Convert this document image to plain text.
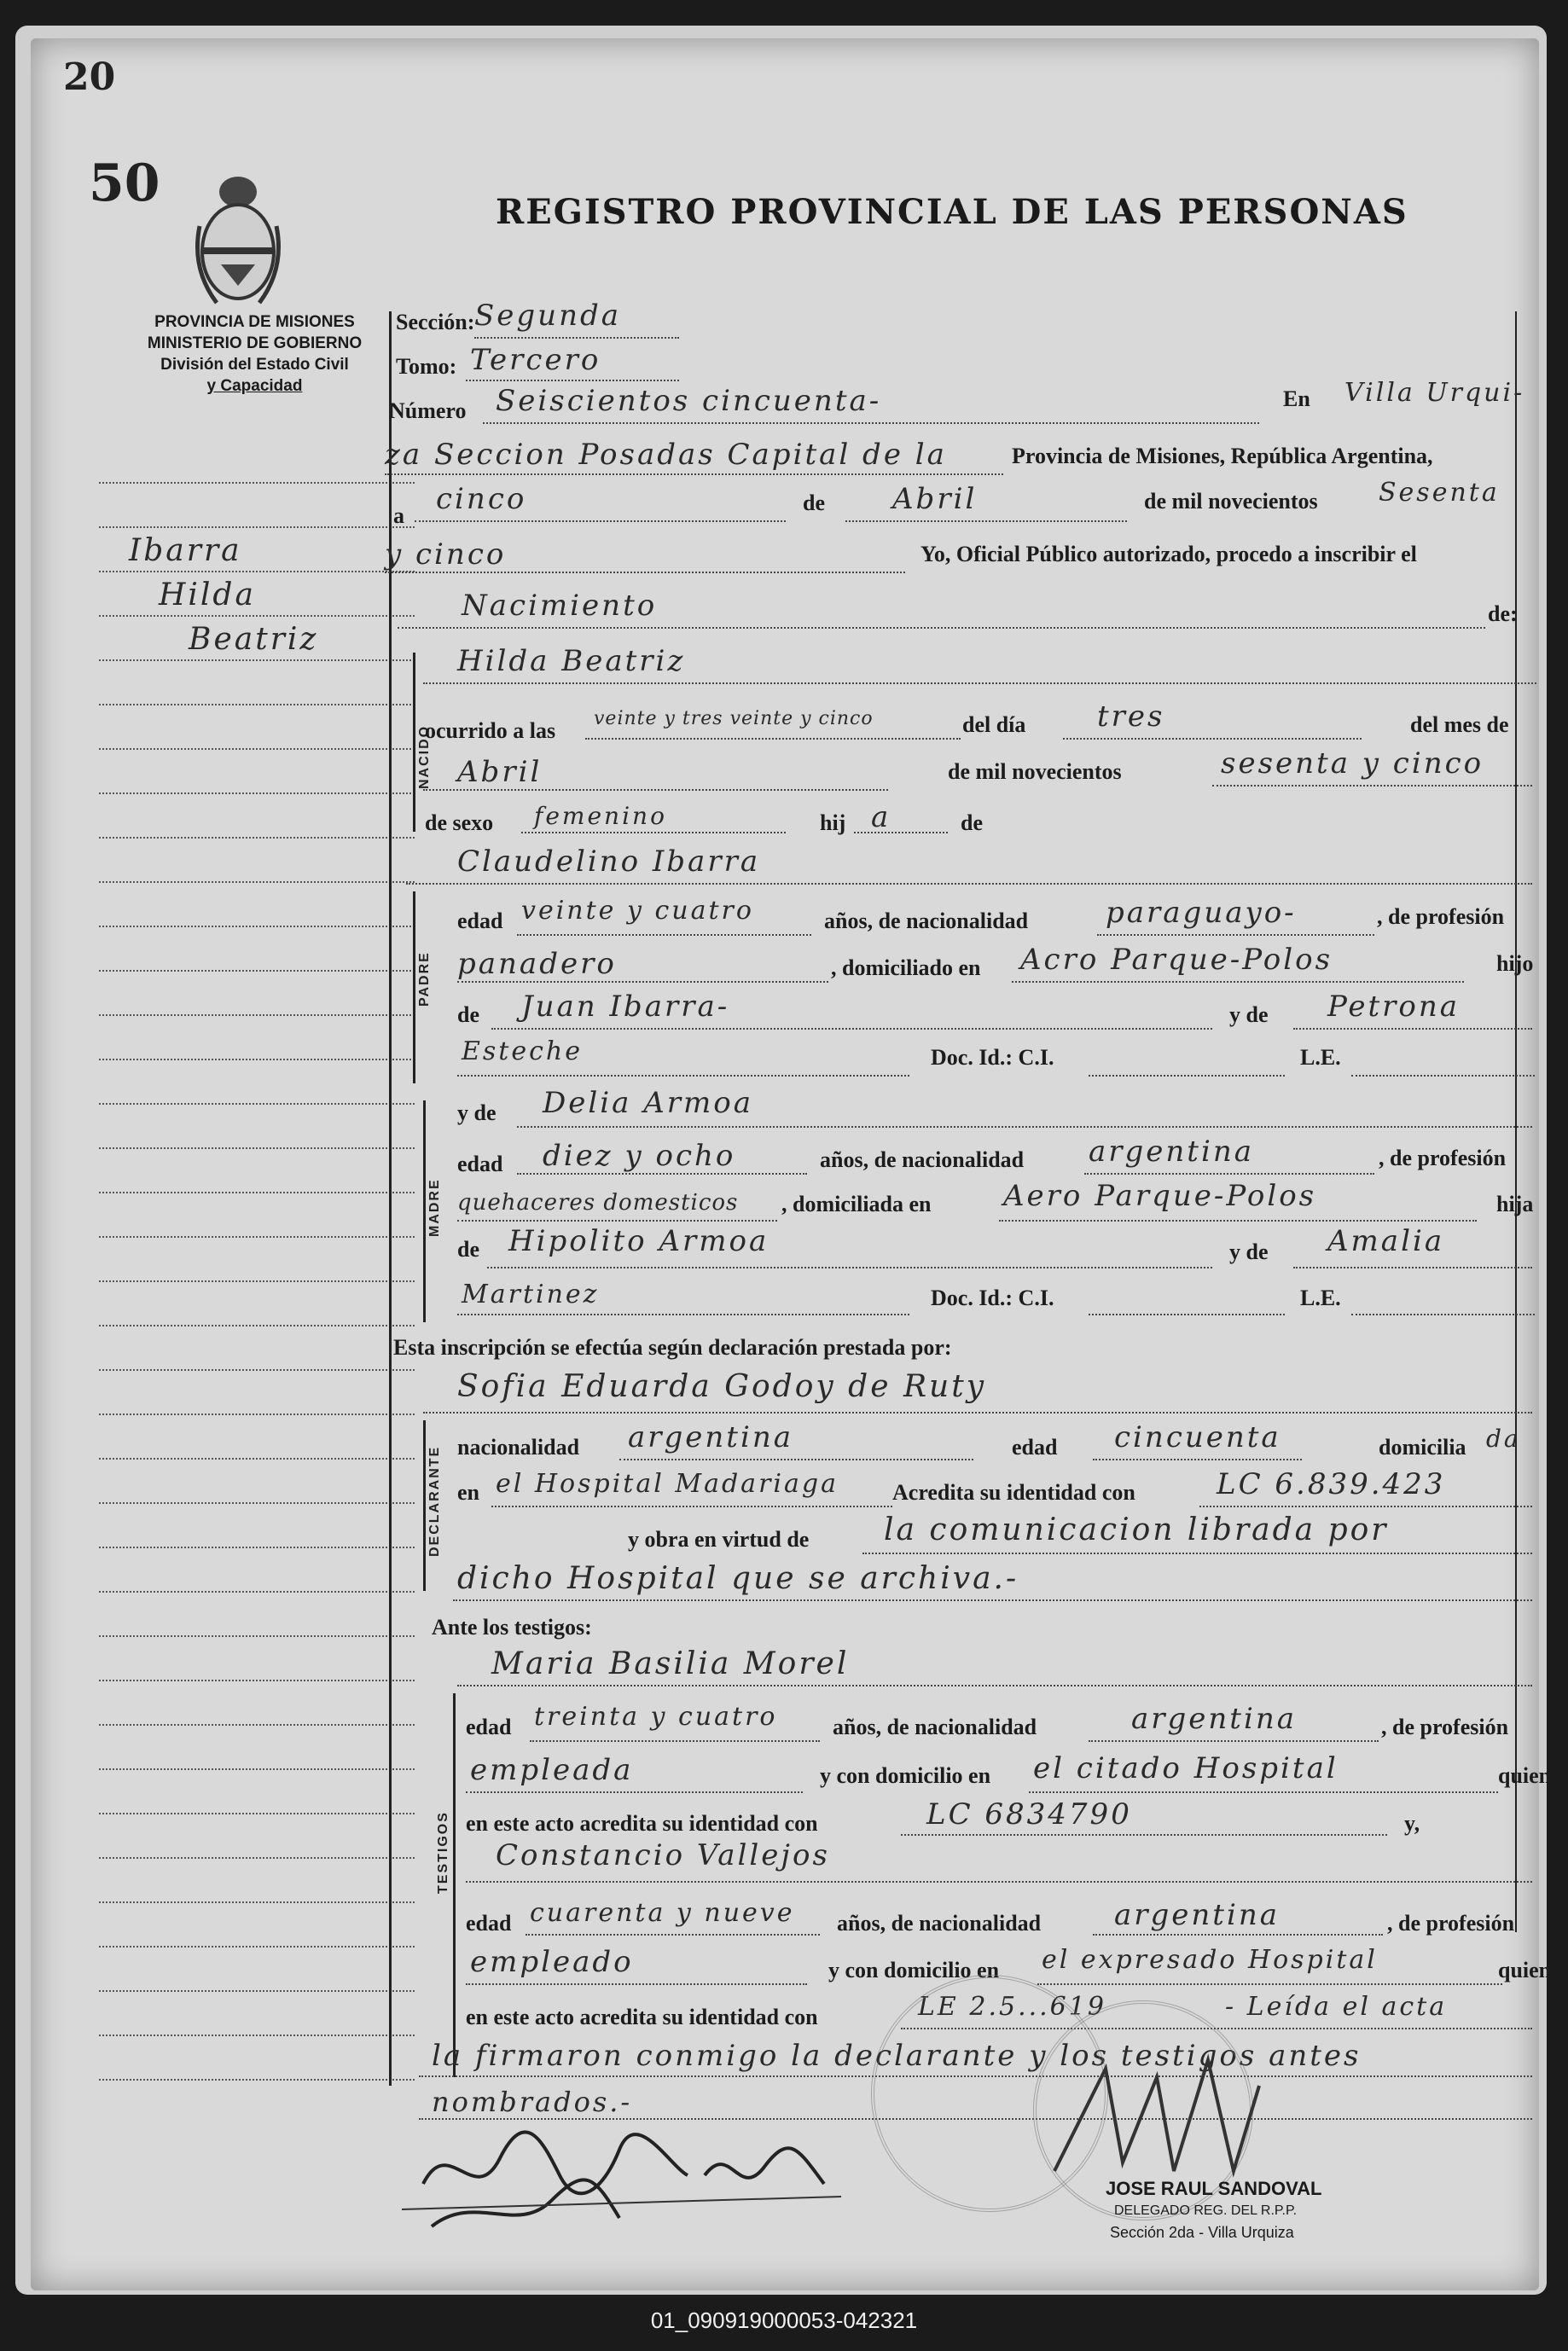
20
50	REGISTRO PROVINCIAL DE LAS PERSONAS
PROVINCIA DE MISIONES
MINISTERIO DE GOBIERNO
División del Estado Civil
y Capacidad
Ibarra
Hilda
Beatriz
Sección: Segunda
Tomo: Tercero
Número Seiscientos cincuenta-	En Villa Urqui-
za Seccion Posadas Capital de la	Provincia de Misiones, República Argentina,
a cinco	de Abril	de mil novecientos Sesenta
y cinco	Yo, Oficial Público autorizado, procedo a inscribir el
Nacimiento	de:
NACIDO
Hilda Beatriz
ocurrido a las veinte y tres veinte y cinco	del día tres	del mes de
Abril	de mil novecientos	sesenta y cinco
de sexo femenino	hij a	de
Claudelino Ibarra
PADRE
edad veinte y cuatro	años, de nacionalidad	paraguayo-	, de profesión
panadero	, domiciliado en Acro Parque-Polos	hijo
de Juan Ibarra-	y de Petrona
Esteche	Doc. Id.: C.I.	L.E.
MADRE
y de Delia Armoa
edad diez y ocho	años, de nacionalidad argentina	, de profesión
quehaceres domesticos , domiciliada en Aero Parque-Polos	hija
de Hipolito Armoa	y de Amalia
Martinez	Doc. Id.: C.I.	L.E.
Esta inscripción se efectúa según declaración prestada por:
Sofia Eduarda Godoy de Ruty
DECLARANTE nacionalidad argentina	edad cincuenta	domicilia da
en el Hospital Madariaga Acredita su identidad con	LC 6.839.423
y obra en virtud de la comunicacion librada por
dicho Hospital que se archiva.-
Ante los testigos:
Maria Basilia Morel
TESTIGOS
edad treinta y cuatro años, de nacionalidad	argentina	, de profesión
empleada	y con domicilio en el citado Hospital	quien
en este acto acredita su identidad con	LC 6834790	y,
Constancio Vallejos
edad cuarenta y nueve años, de nacionalidad	argentina	, de profesión
empleado	y con domicilio en el expresado Hospital	quien
en este acto acredita su identidad con	LE 2.5...619	- Leída el acta
la firmaron conmigo la declarante y los testigos antes
nombrados.-
JOSE RAUL SANDOVAL
DELEGADO REG. DEL R.P.P.
Sección 2da - Villa Urquiza
01_090919000053-042321
